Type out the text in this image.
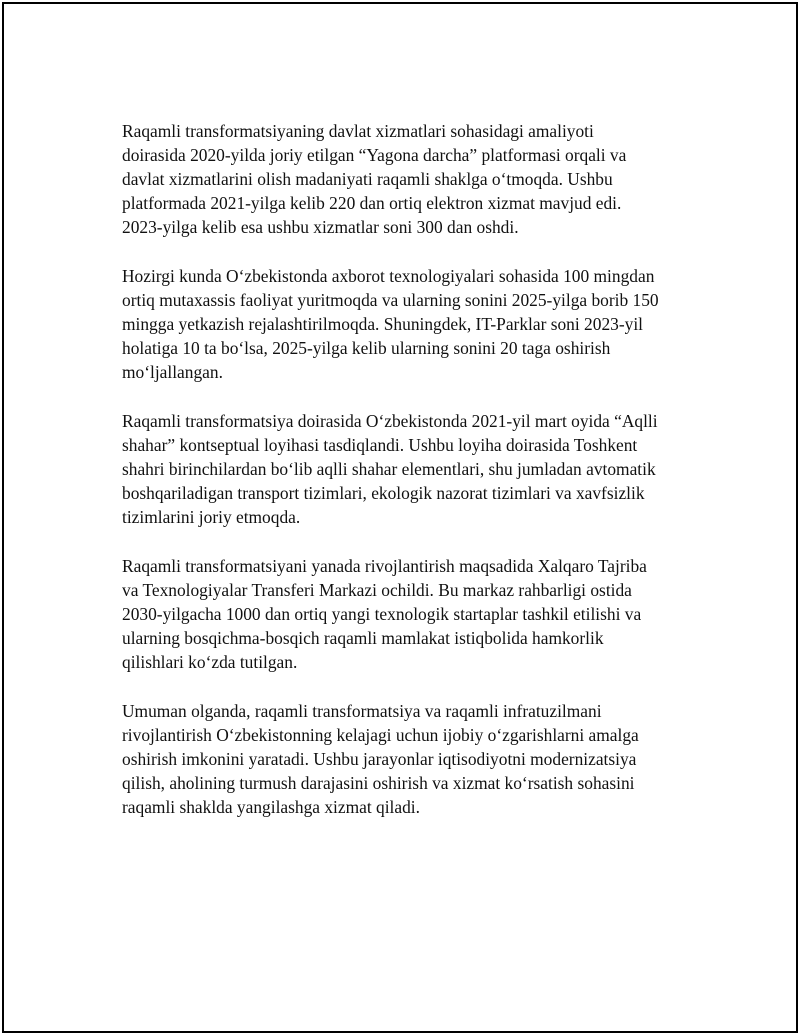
Raqamli transformatsiyaning davlat xizmatlari sohasidagi amaliyoti
doirasida 2020-yilda joriy etilgan “Yagona darcha” platformasi orqali va
davlat xizmatlarini olish madaniyati raqamli shaklga o‘tmoqda. Ushbu
platformada 2021-yilga kelib 220 dan ortiq elektron xizmat mavjud edi.
2023-yilga kelib esa ushbu xizmatlar soni 300 dan oshdi.

Hozirgi kunda O‘zbekistonda axborot texnologiyalari sohasida 100 mingdan
ortiq mutaxassis faoliyat yuritmoqda va ularning sonini 2025-yilga borib 150
mingga yetkazish rejalashtirilmoqda. Shuningdek, IT-Parklar soni 2023-yil
holatiga 10 ta bo‘lsa, 2025-yilga kelib ularning sonini 20 taga oshirish
mo‘ljallangan.

Raqamli transformatsiya doirasida O‘zbekistonda 2021-yil mart oyida “Aqlli
shahar” kontseptual loyihasi tasdiqlandi. Ushbu loyiha doirasida Toshkent
shahri birinchilardan bo‘lib aqlli shahar elementlari, shu jumladan avtomatik
boshqariladigan transport tizimlari, ekologik nazorat tizimlari va xavfsizlik
tizimlarini joriy etmoqda.

Raqamli transformatsiyani yanada rivojlantirish maqsadida Xalqaro Tajriba
va Texnologiyalar Transferi Markazi ochildi. Bu markaz rahbarligi ostida
2030-yilgacha 1000 dan ortiq yangi texnologik startaplar tashkil etilishi va
ularning bosqichma-bosqich raqamli mamlakat istiqbolida hamkorlik
qilishlari ko‘zda tutilgan.

Umuman olganda, raqamli transformatsiya va raqamli infratuzilmani
rivojlantirish O‘zbekistonning kelajagi uchun ijobiy o‘zgarishlarni amalga
oshirish imkonini yaratadi. Ushbu jarayonlar iqtisodiyotni modernizatsiya
qilish, aholining turmush darajasini oshirish va xizmat ko‘rsatish sohasini
raqamli shaklda yangilashga xizmat qiladi.
